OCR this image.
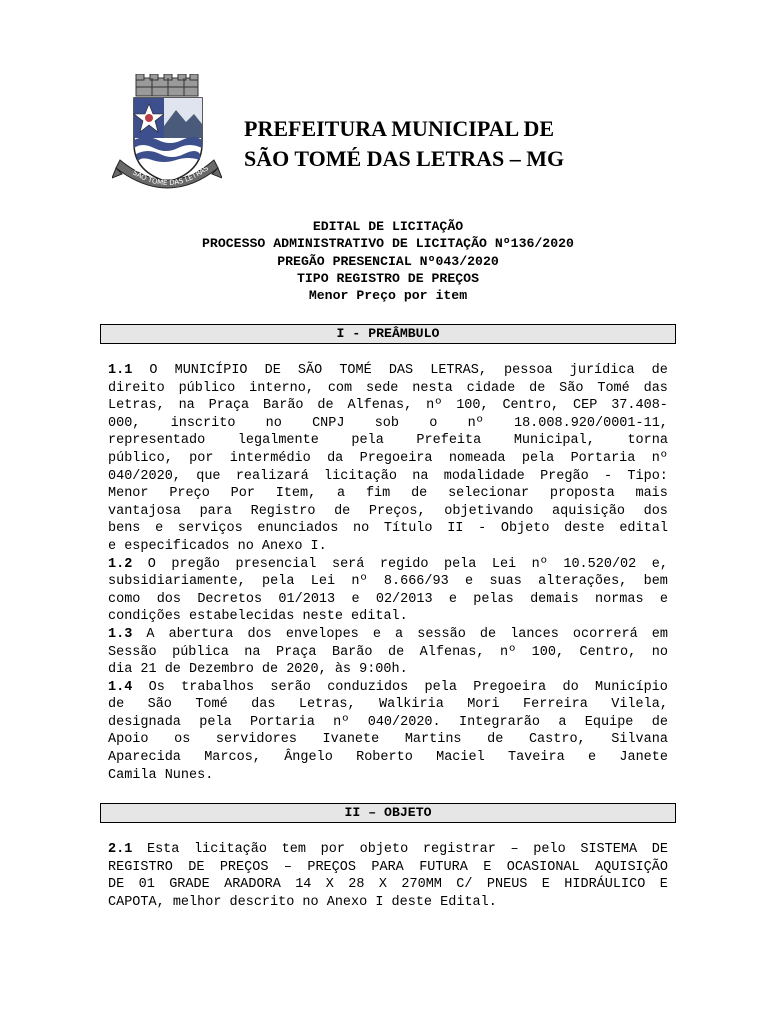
SÃO TOMÉ DAS LETRAS
PREFEITURA MUNICIPAL DE
SÃO TOMÉ DAS LETRAS – MG
EDITAL DE LICITAÇÃO
PROCESSO ADMINISTRATIVO DE LICITAÇÃO Nº136/2020
PREGÃO PRESENCIAL Nº043/2020
TIPO REGISTRO DE PREÇOS
Menor Preço por item
I - PREÂMBULO
1.1 O MUNICÍPIO DE SÃO TOMÉ DAS LETRAS, pessoa jurídica de
direito público interno, com sede nesta cidade de São Tomé das
Letras, na Praça Barão de Alfenas, nº 100, Centro, CEP 37.408-
000, inscrito no CNPJ sob o nº 18.008.920/0001-11,
representado legalmente pela Prefeita Municipal, torna
público, por intermédio da Pregoeira nomeada pela Portaria nº
040/2020, que realizará licitação na modalidade Pregão - Tipo:
Menor Preço Por Item, a fim de selecionar proposta mais
vantajosa para Registro de Preços, objetivando aquisição dos
bens e serviços enunciados no Título II - Objeto deste edital
e especificados no Anexo I.
1.2 O pregão presencial será regido pela Lei nº 10.520/02 e,
subsidiariamente, pela Lei nº 8.666/93 e suas alterações, bem
como dos Decretos 01/2013 e 02/2013 e pelas demais normas e
condições estabelecidas neste edital.
1.3 A abertura dos envelopes e a sessão de lances ocorrerá em
Sessão pública na Praça Barão de Alfenas, nº 100, Centro, no
dia 21 de Dezembro de 2020, às 9:00h.
1.4 Os trabalhos serão conduzidos pela Pregoeira do Município
de São Tomé das Letras, Walkiria Mori Ferreira Vilela,
designada pela Portaria nº 040/2020. Integrarão a Equipe de
Apoio os servidores Ivanete Martins de Castro, Silvana
Aparecida Marcos, Ângelo Roberto Maciel Taveira e Janete
Camila Nunes.
II – OBJETO
2.1 Esta licitação tem por objeto registrar – pelo SISTEMA DE
REGISTRO DE PREÇOS – PREÇOS PARA FUTURA E OCASIONAL AQUISIÇÃO
DE 01 GRADE ARADORA 14 X 28 X 270MM C/ PNEUS E HIDRÁULICO E
CAPOTA, melhor descrito no Anexo I deste Edital.
